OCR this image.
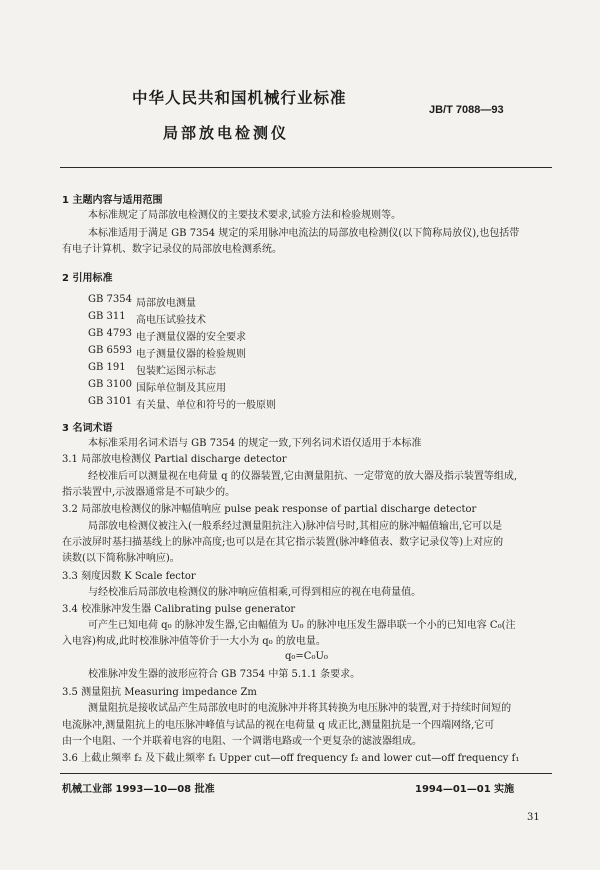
中华人民共和国机械行业标准
JB/T 7088—93
局部放电检测仪
1 主题内容与适用范围
本标准规定了局部放电检测仪的主要技术要求,试验方法和检验规则等。
本标准适用于满足 GB 7354 规定的采用脉冲电流法的局部放电检测仪(以下简称局放仪),也包括带
有电子计算机、数字记录仪的局部放电检测系统。
2 引用标准
GB 7354 局部放电测量
GB 311 高电压试验技术
GB 4793 电子测量仪器的安全要求
GB 6593 电子测量仪器的检验规则
GB 191 包装贮运图示标志
GB 3100 国际单位制及其应用
GB 3101 有关量、单位和符号的一般原则
3 名词术语
本标准采用名词术语与 GB 7354 的规定一致,下列名词术语仅适用于本标准
3.1 局部放电检测仪 Partial discharge detector
经校准后可以测量视在电荷量 q 的仪器装置,它由测量阻抗、一定带宽的放大器及指示装置等组成,
指示装置中,示波器通常是不可缺少的。
3.2 局部放电检测仪的脉冲幅值响应 pulse peak response of partial discharge detector
局部放电检测仪被注入(一般系经过测量阻抗注入)脉冲信号时,其相应的脉冲幅值输出,它可以是
在示波屏时基扫描基线上的脉冲高度;也可以是在其它指示装置(脉冲峰值表、数字记录仪等)上对应的
读数(以下简称脉冲响应)。
3.3 刻度因数 K Scale fector
与经校准后局部放电检测仪的脉冲响应值相乘,可得到相应的视在电荷量值。
3.4 校准脉冲发生器 Calibrating pulse generator
可产生已知电荷 q₀ 的脉冲发生器,它由幅值为 U₀ 的脉冲电压发生器串联一个小的已知电容 C₀(注
入电容)构成,此时校准脉冲值等价于一大小为 q₀ 的放电量。
q₀=C₀U₀
校准脉冲发生器的波形应符合 GB 7354 中第 5.1.1 条要求。
3.5 测量阻抗 Measuring impedance Zm
测量阻抗是接收试品产生局部放电时的电流脉冲并将其转换为电压脉冲的装置,对于持续时间短的
电流脉冲,测量阻抗上的电压脉冲峰值与试品的视在电荷量 q 成正比,测量阻抗是一个四端网络,它可
由一个电阻、一个并联着电容的电阻、一个调谐电路或一个更复杂的滤波器组成。
3.6 上截止频率 f₂ 及下截止频率 f₁ Upper cut—off frequency f₂ and lower cut—off frequency f₁
机械工业部 1993—10—08 批准	1994—01—01 实施
31
